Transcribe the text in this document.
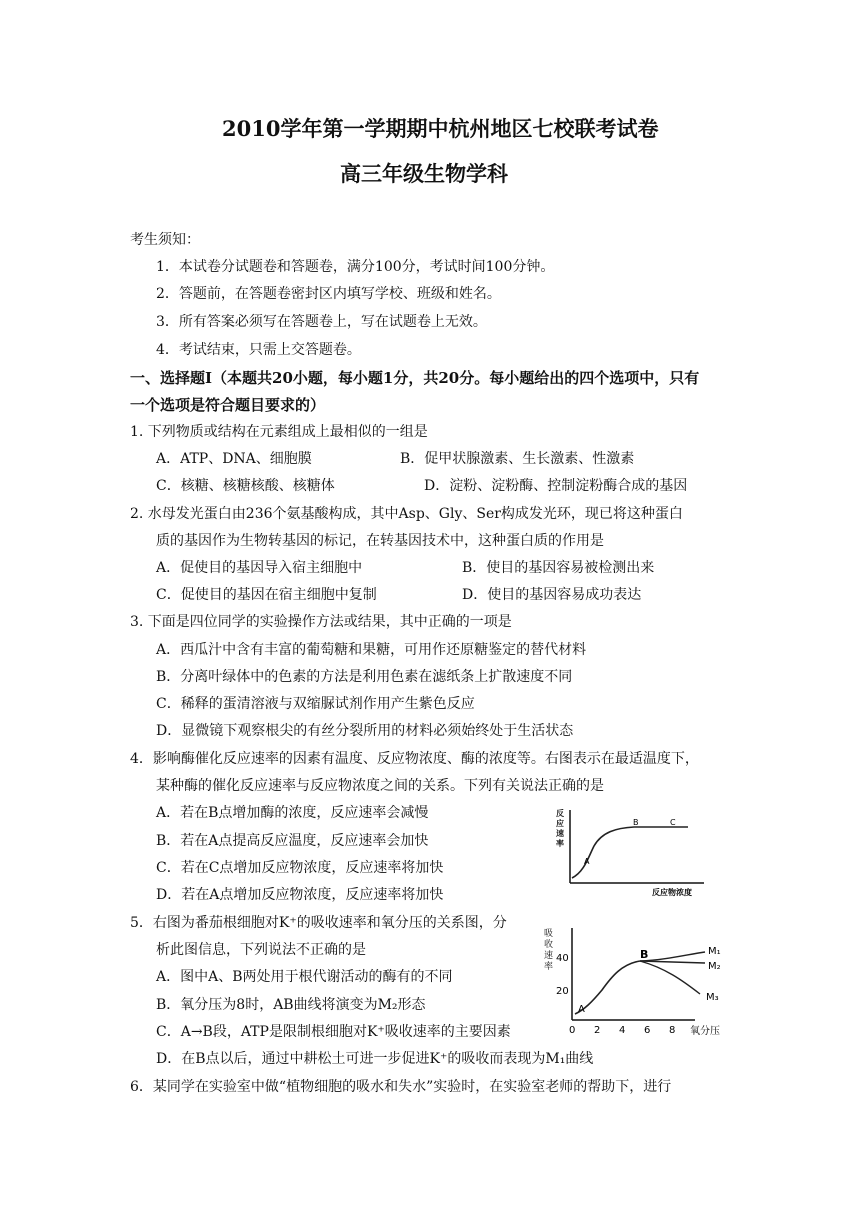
2010学年第一学期期中杭州地区七校联考试卷
高三年级生物学科
考生须知：
1．本试卷分试题卷和答题卷，满分100分，考试时间100分钟。
2．答题前，在答题卷密封区内填写学校、班级和姓名。
3．所有答案必须写在答题卷上，写在试题卷上无效。
4．考试结束，只需上交答题卷。
一、选择题Ⅰ（本题共20小题，每小题1分，共20分。每小题给出的四个选项中，只有
一个选项是符合题目要求的）
1. 下列物质或结构在元素组成上最相似的一组是
A．ATP、DNA、细胞膜	B．促甲状腺激素、生长激素、性激素
C．核糖、核糖核酸、核糖体	D．淀粉、淀粉酶、控制淀粉酶合成的基因
2. 水母发光蛋白由236个氨基酸构成，其中Asp、Gly、Ser构成发光环，现已将这种蛋白
质的基因作为生物转基因的标记，在转基因技术中，这种蛋白质的作用是
A．促使目的基因导入宿主细胞中	B．使目的基因容易被检测出来
C．促使目的基因在宿主细胞中复制	D．使目的基因容易成功表达
3. 下面是四位同学的实验操作方法或结果，其中正确的一项是
A．西瓜汁中含有丰富的葡萄糖和果糖，可用作还原糖鉴定的替代材料
B．分离叶绿体中的色素的方法是利用色素在滤纸条上扩散速度不同
C．稀释的蛋清溶液与双缩脲试剂作用产生紫色反应
D．显微镜下观察根尖的有丝分裂所用的材料必须始终处于生活状态
4．影响酶催化反应速率的因素有温度、反应物浓度、酶的浓度等。右图表示在最适温度下，
某种酶的催化反应速率与反应物浓度之间的关系。下列有关说法正确的是
A．若在B点增加酶的浓度，反应速率会减慢
B．若在A点提高反应温度，反应速率会加快
C．若在C点增加反应物浓度，反应速率将加快
D．若在A点增加反应物浓度，反应速率将加快
反
应
速
率
A
B	C
反应物浓度
5．右图为番茄根细胞对K⁺的吸收速率和氧分压的关系图，分
析此图信息，下列说法不正确的是
A．图中A、B两处用于根代谢活动的酶有的不同
B．氧分压为8时，AB曲线将演变为M₂形态
C．A→B段，ATP是限制根细胞对K⁺吸收速率的主要因素
D．在B点以后，通过中耕松土可进一步促进K⁺的吸收而表现为M₁曲线
吸
收
速
率
40
20
0 2 4 6 8 氧分压
A
B	M₁
M₂
M₃
6．某同学在实验室中做“植物细胞的吸水和失水”实验时，在实验室老师的帮助下，进行
